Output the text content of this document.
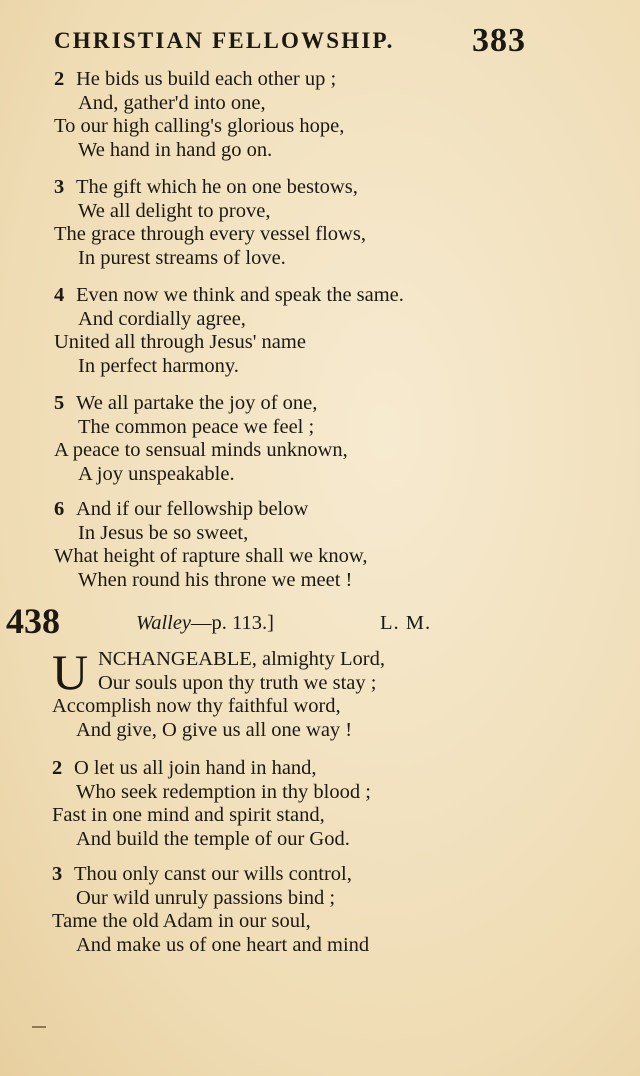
CHRISTIAN FELLOWSHIP. 383
2 He bids us build each other up ;
And, gather'd into one,
To our high calling's glorious hope,
We hand in hand go on.
3 The gift which he on one bestows,
We all delight to prove,
The grace through every vessel flows,
In purest streams of love.
4 Even now we think and speak the same.
And cordially agree,
United all through Jesus' name
In perfect harmony.
5 We all partake the joy of one,
The common peace we feel ;
A peace to sensual minds unknown,
A joy unspeakable.
6 And if our fellowship below
In Jesus be so sweet,
What height of rapture shall we know,
When round his throne we meet !
438	Walley—p. 113.]	L. M.
U NCHANGEABLE, almighty Lord,
Our souls upon thy truth we stay ;
Accomplish now thy faithful word,
And give, O give us all one way !
2 O let us all join hand in hand,
Who seek redemption in thy blood ;
Fast in one mind and spirit stand,
And build the temple of our God.
3 Thou only canst our wills control,
Our wild unruly passions bind ;
Tame the old Adam in our soul,
And make us of one heart and mind
